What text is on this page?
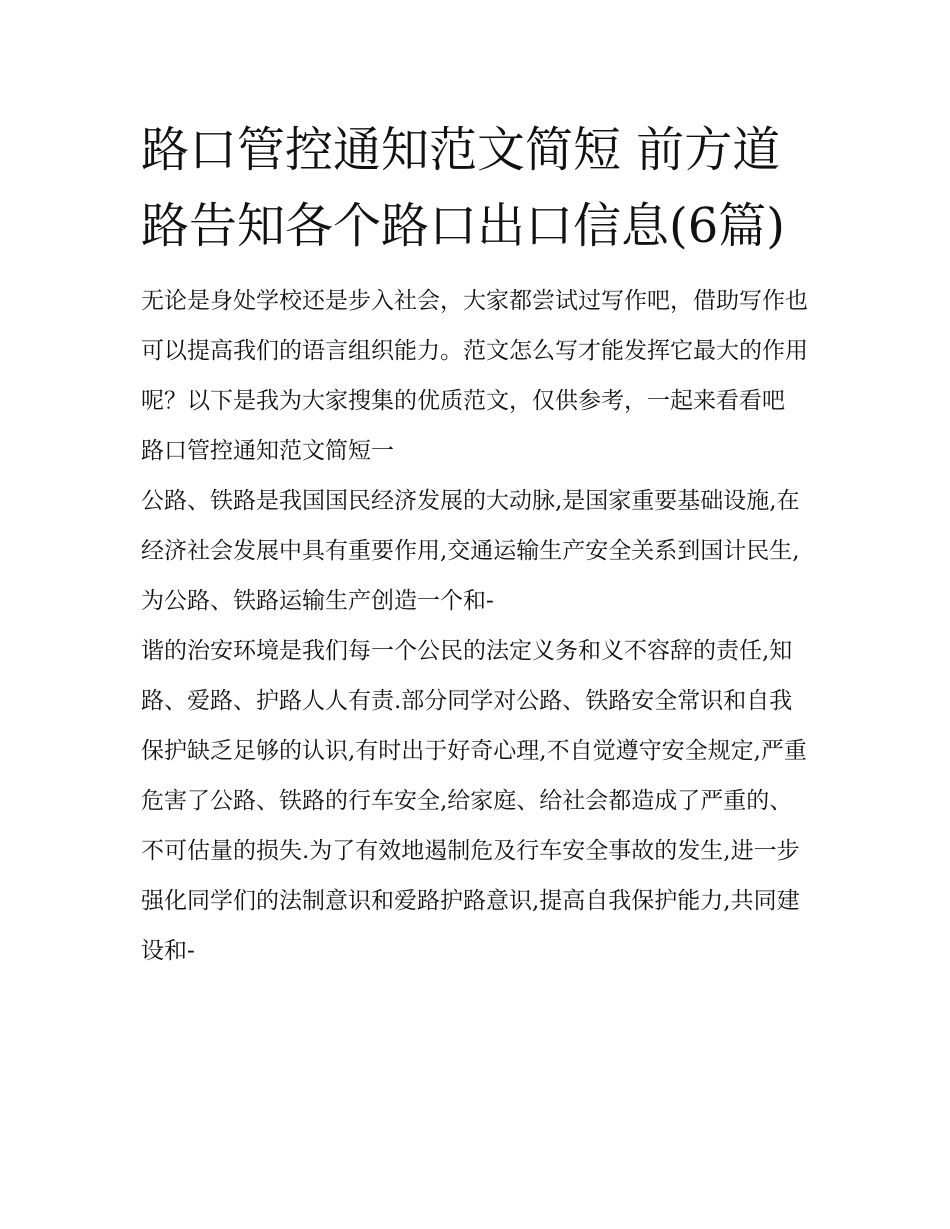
路口管控通知范文简短 前方道路告知各个路口出口信息(6篇)

无论是身处学校还是步入社会，大家都尝试过写作吧，借助写作也可以提高我们的语言组织能力。范文怎么写才能发挥它最大的作用呢？以下是我为大家搜集的优质范文，仅供参考，一起来看看吧

路口管控通知范文简短一

公路、铁路是我国国民经济发展的大动脉,是国家重要基础设施,在经济社会发展中具有重要作用,交通运输生产安全关系到国计民生,为公路、铁路运输生产创造一个和-

谐的治安环境是我们每一个公民的法定义务和义不容辞的责任,知路、爱路、护路人人有责.部分同学对公路、铁路安全常识和自我保护缺乏足够的认识,有时出于好奇心理,不自觉遵守安全规定,严重危害了公路、铁路的行车安全,给家庭、给社会都造成了严重的、不可估量的损失.为了有效地遏制危及行车安全事故的发生,进一步强化同学们的法制意识和爱路护路意识,提高自我保护能力,共同建设和-
